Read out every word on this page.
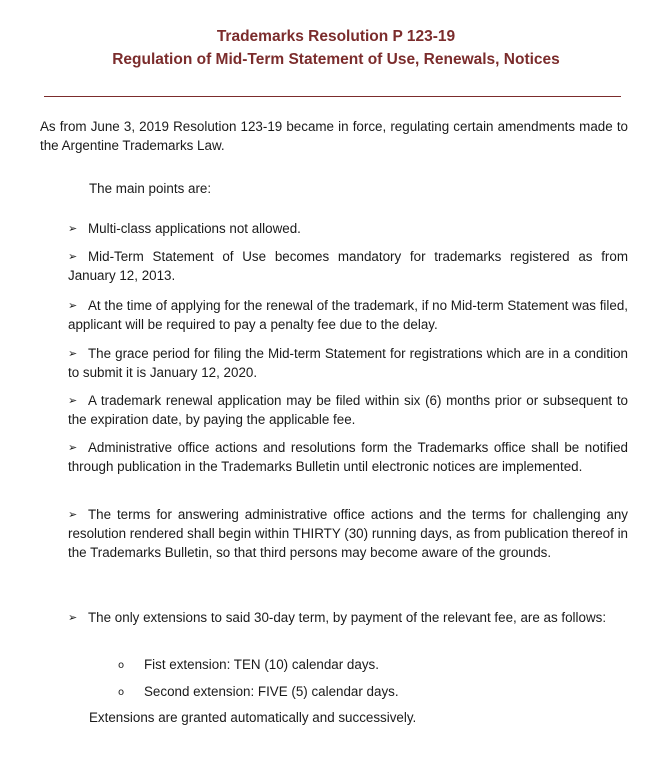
Trademarks Resolution P 123-19
Regulation of Mid-Term Statement of Use, Renewals, Notices
As from June 3, 2019 Resolution 123-19 became in force, regulating certain amendments made to the Argentine Trademarks Law.
The main points are:
➢ Multi-class applications not allowed.
➢ Mid-Term Statement of Use becomes mandatory for trademarks registered as from January 12, 2013.
➢ At the time of applying for the renewal of the trademark, if no Mid-term Statement was filed, applicant will be required to pay a penalty fee due to the delay.
➢ The grace period for filing the Mid-term Statement for registrations which are in a condition to submit it is January 12, 2020.
➢ A trademark renewal application may be filed within six (6) months prior or subsequent to the expiration date, by paying the applicable fee.
➢ Administrative office actions and resolutions form the Trademarks office shall be notified through publication in the Trademarks Bulletin until electronic notices are implemented.
➢ The terms for answering administrative office actions and the terms for challenging any resolution rendered shall begin within THIRTY (30) running days, as from publication thereof in the Trademarks Bulletin, so that third persons may become aware of the grounds.
➢ The only extensions to said 30-day term, by payment of the relevant fee, are as follows:
o Fist extension: TEN (10) calendar days.
o Second extension: FIVE (5) calendar days.
Extensions are granted automatically and successively.
